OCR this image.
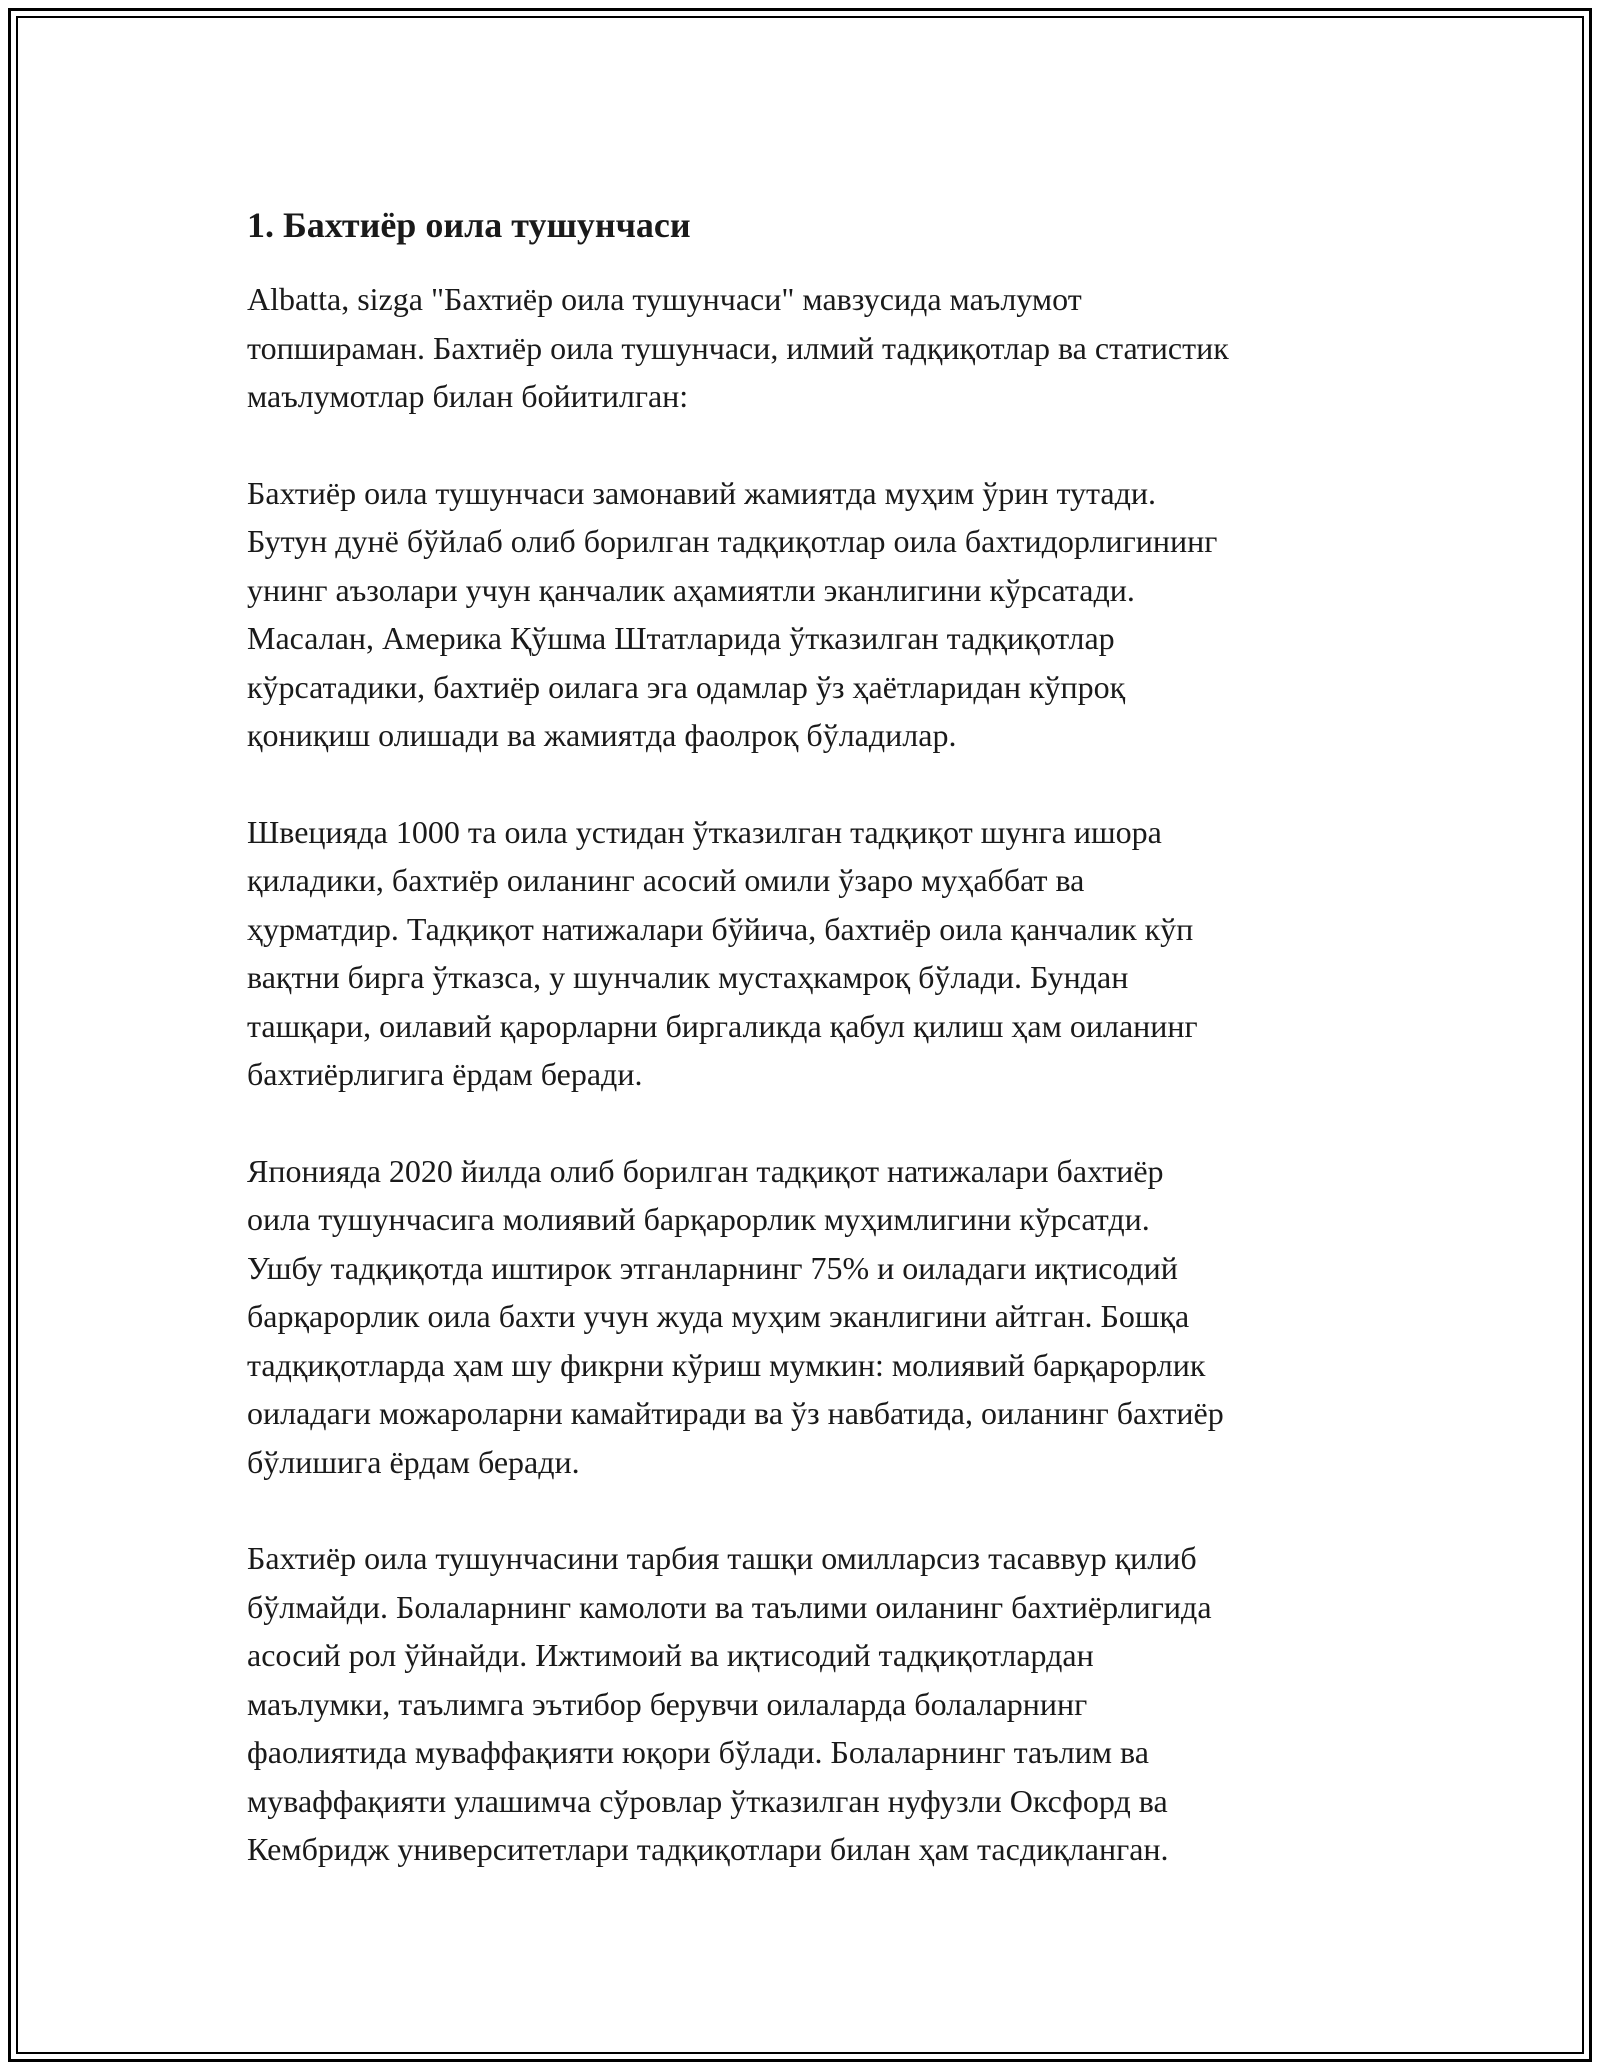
1. Бахтиёр оила тушунчаси

Albatta, sizga "Бахтиёр оила тушунчаси" мавзусида маълумот
топшираман. Бахтиёр оила тушунчаси, илмий тадқиқотлар ва статистик
маълумотлар билан бойитилган:

Бахтиёр оила тушунчаси замонавий жамиятда муҳим ўрин тутади.
Бутун дунё бўйлаб олиб борилган тадқиқотлар оила бахтидорлигининг
унинг аъзолари учун қанчалик аҳамиятли эканлигини кўрсатади.
Масалан, Америка Қўшма Штатларида ўтказилган тадқиқотлар
кўрсатадики, бахтиёр оилага эга одамлар ўз ҳаётларидан кўпроқ
қониқиш олишади ва жамиятда фаолроқ бўладилар.

Швецияда 1000 та оила устидан ўтказилган тадқиқот шунга ишора
қиладики, бахтиёр оиланинг асосий омили ўзаро муҳаббат ва
ҳурматдир. Тадқиқот натижалари бўйича, бахтиёр оила қанчалик кўп
вақтни бирга ўтказса, у шунчалик мустаҳкамроқ бўлади. Бундан
ташқари, оилавий қарорларни биргаликда қабул қилиш ҳам оиланинг
бахтиёрлигига ёрдам беради.

Японияда 2020 йилда олиб борилган тадқиқот натижалари бахтиёр
оила тушунчасига молиявий барқарорлик муҳимлигини кўрсатди.
Ушбу тадқиқотда иштирок этганларнинг 75% и оиладаги иқтисодий
барқарорлик оила бахти учун жуда муҳим эканлигини айтган. Бошқа
тадқиқотларда ҳам шу фикрни кўриш мумкин: молиявий барқарорлик
оиладаги можароларни камайтиради ва ўз навбатида, оиланинг бахтиёр
бўлишига ёрдам беради.

Бахтиёр оила тушунчасини тарбия ташқи омилларсиз тасаввур қилиб
бўлмайди. Болаларнинг камолоти ва таълими оиланинг бахтиёрлигида
асосий рол ўйнайди. Ижтимоий ва иқтисодий тадқиқотлардан
маълумки, таълимга эътибор берувчи оилаларда болаларнинг
фаолиятида муваффақияти юқори бўлади. Болаларнинг таълим ва
муваффақияти улашимча сўровлар ўтказилган нуфузли Оксфорд ва
Кембридж университетлари тадқиқотлари билан ҳам тасдиқланган.
